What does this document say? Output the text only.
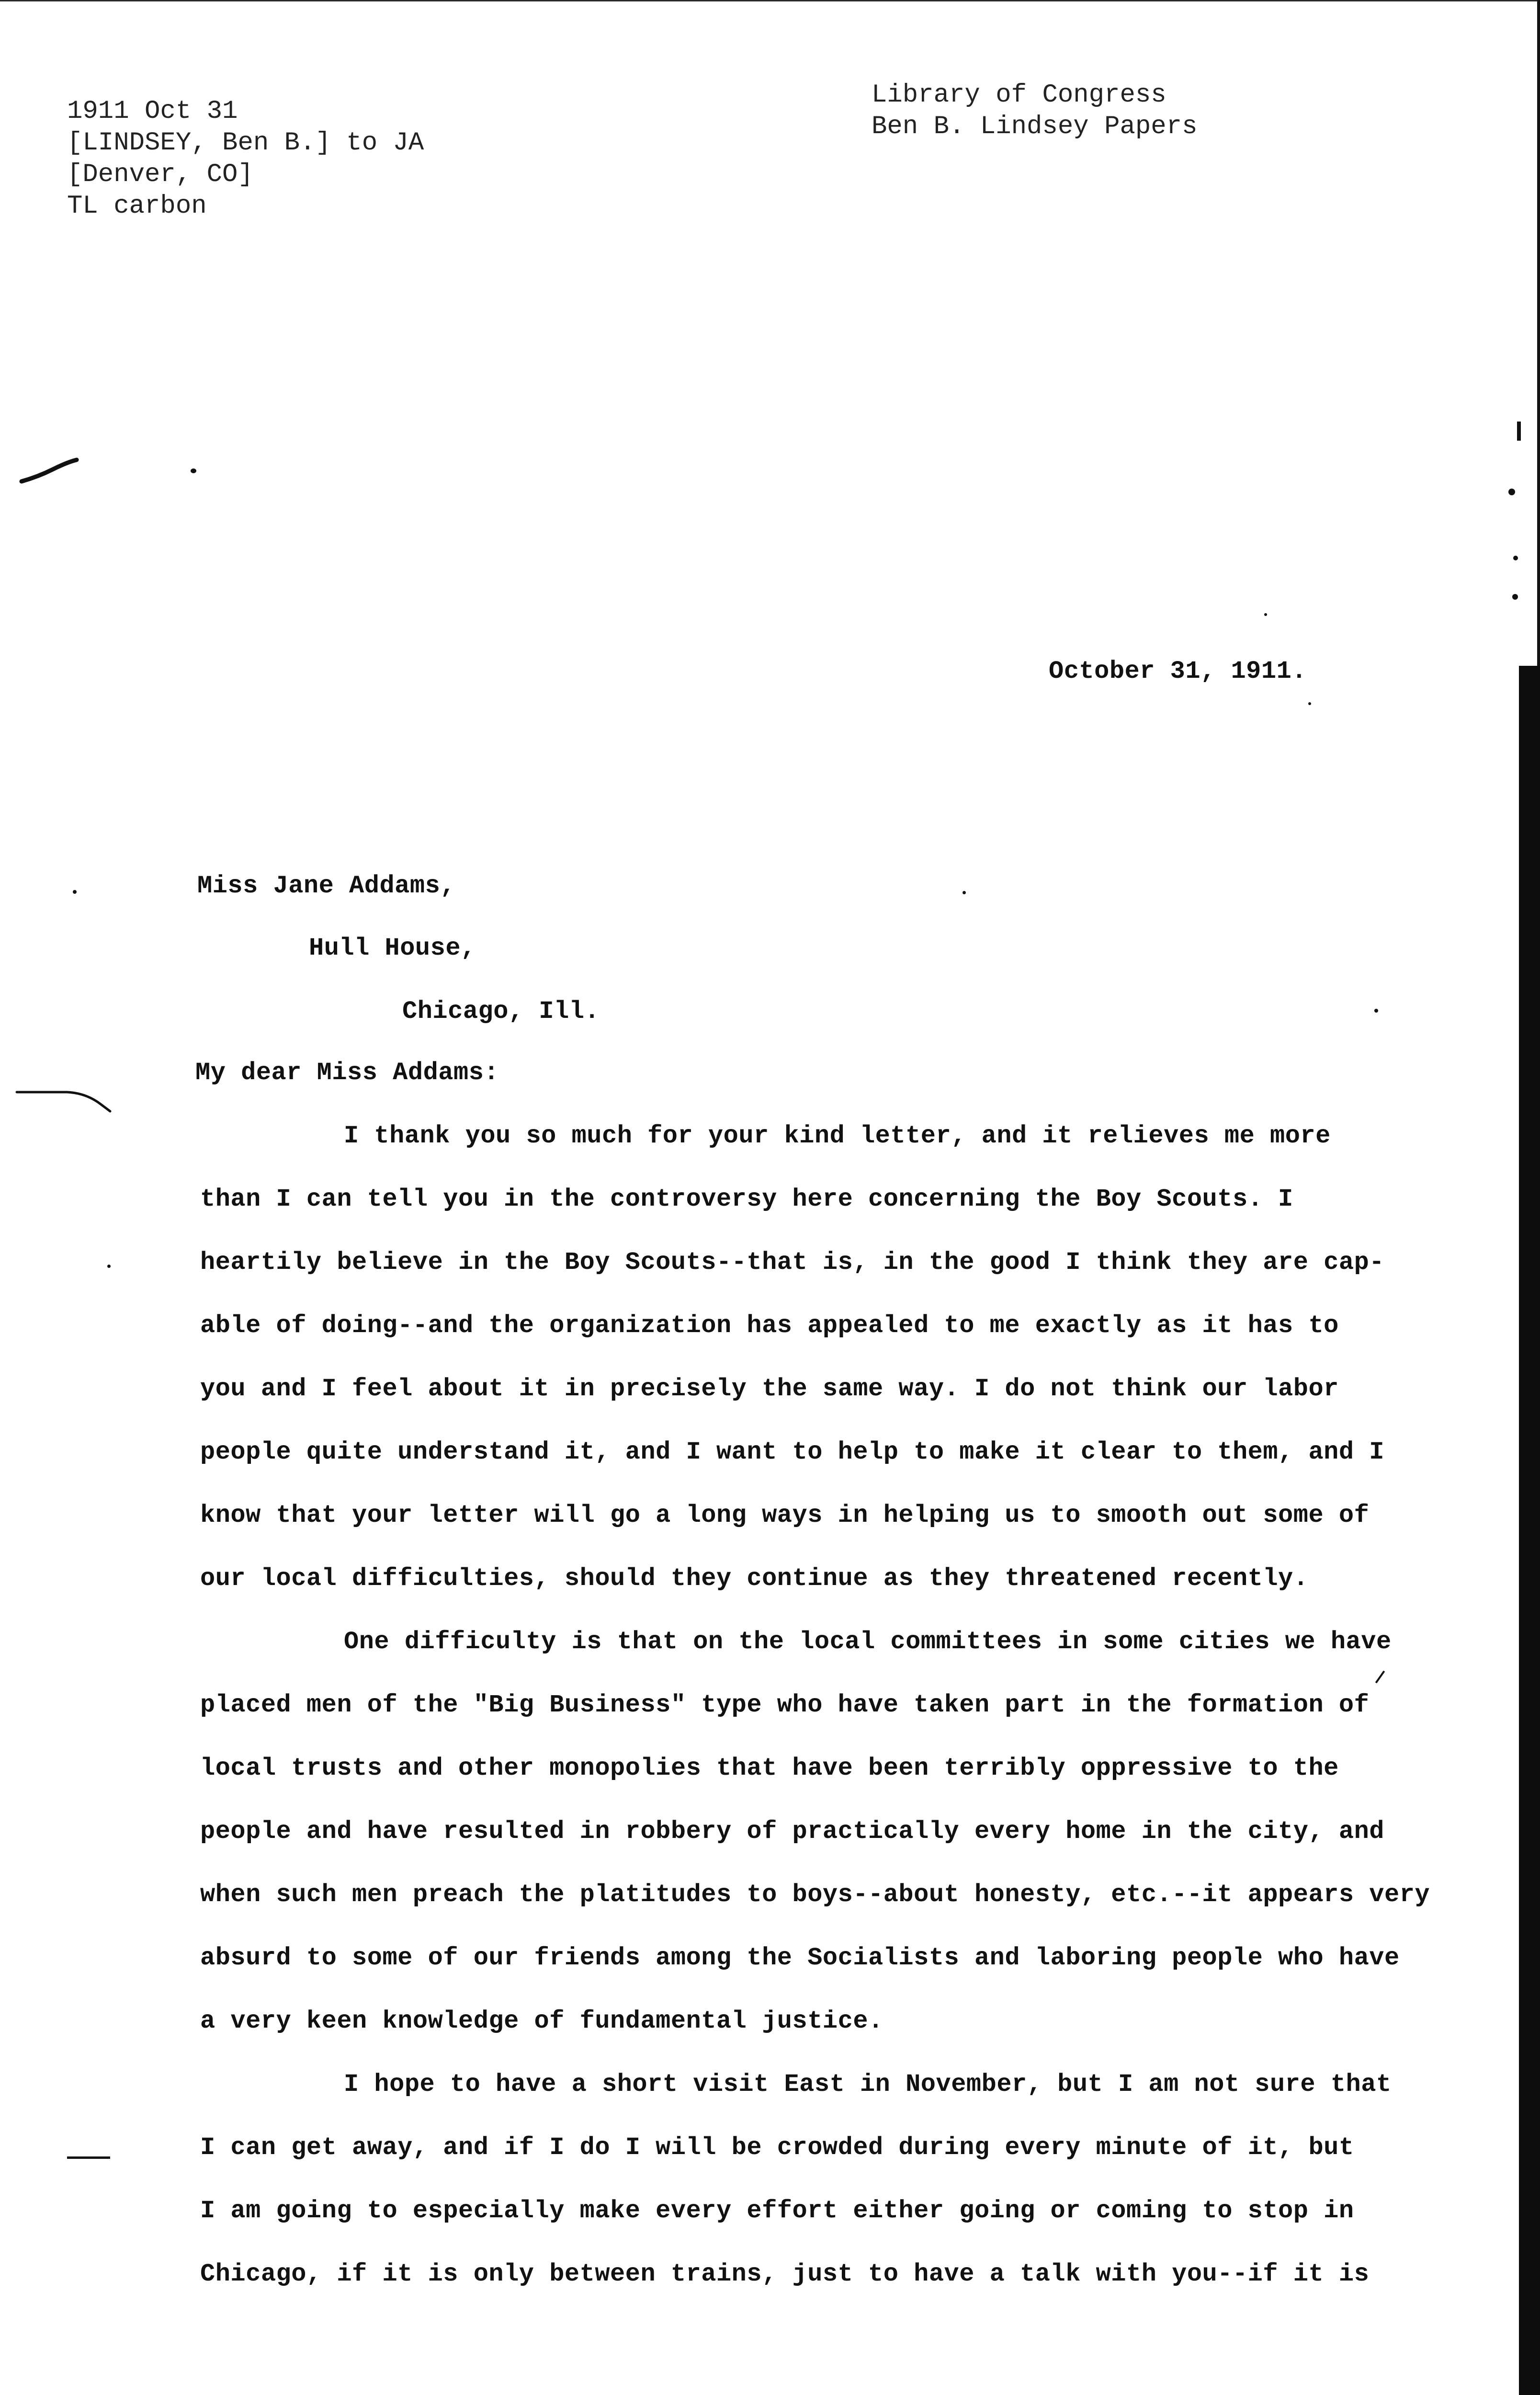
1911 Oct 31
[LINDSEY, Ben B.] to JA
[Denver, CO]
TL carbon
Library of Congress
Ben B. Lindsey Papers
October 31, 1911.
Miss Jane Addams,
Hull House,
Chicago, Ill.
My dear Miss Addams:
I thank you so much for your kind letter, and it relieves me more
than I can tell you in the controversy here concerning the Boy Scouts. I
heartily believe in the Boy Scouts--that is, in the good I think they are cap-
able of doing--and the organization has appealed to me exactly as it has to
you and I feel about it in precisely the same way. I do not think our labor
people quite understand it, and I want to help to make it clear to them, and I
know that your letter will go a long ways in helping us to smooth out some of
our local difficulties, should they continue as they threatened recently.
One difficulty is that on the local committees in some cities we have
placed men of the "Big Business" type who have taken part in the formation of
local trusts and other monopolies that have been terribly oppressive to the
people and have resulted in robbery of practically every home in the city, and
when such men preach the platitudes to boys--about honesty, etc.--it appears very
absurd to some of our friends among the Socialists and laboring people who have
a very keen knowledge of fundamental justice.
I hope to have a short visit East in November, but I am not sure that
I can get away, and if I do I will be crowded during every minute of it, but
I am going to especially make every effort either going or coming to stop in
Chicago, if it is only between trains, just to have a talk with you--if it is
